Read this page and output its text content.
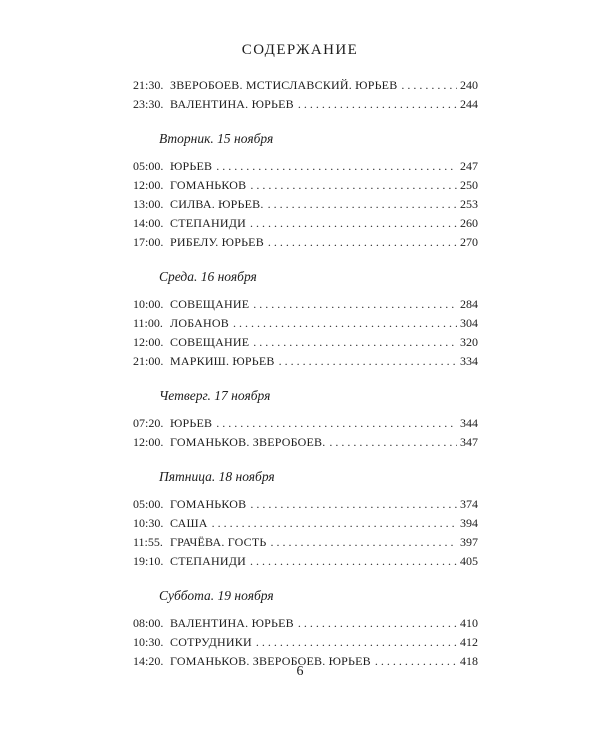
СОДЕРЖАНИЕ
21:30. ЗВЕРОБОЕВ. МСТИСЛАВСКИЙ. ЮРЬЕВ . . .	240
23:30. ВАЛЕНТИНА. ЮРЬЕВ . . .	244
Вторник. 15 ноября
05:00. ЮРЬЕВ . . .	247
12:00. ГОМАНЬКОВ . . .	250
13:00. СИЛВА. ЮРЬЕВ. . . .	253
14:00. СТЕПАНИДИ . . .	260
17:00. РИБЕЛУ. ЮРЬЕВ . . .	270
Среда. 16 ноября
10:00. СОВЕЩАНИЕ . . .	284
11:00. ЛОБАНОВ . . .	304
12:00. СОВЕЩАНИЕ . . .	320
21:00. МАРКИШ. ЮРЬЕВ . . .	334
Четверг. 17 ноября
07:20. ЮРЬЕВ . . .	344
12:00. ГОМАНЬКОВ. ЗВЕРОБОЕВ. . . .	347
Пятница. 18 ноября
05:00. ГОМАНЬКОВ . . .	374
10:30. САША . . .	394
11:55. ГРАЧЁВА. ГОСТЬ . . .	397
19:10. СТЕПАНИДИ . . .	405
Суббота. 19 ноября
08:00. ВАЛЕНТИНА. ЮРЬЕВ . . .	410
10:30. СОТРУДНИКИ . . .	412
14:20. ГОМАНЬКОВ. ЗВЕРОБОЕВ. ЮРЬЕВ . . .	418
6
